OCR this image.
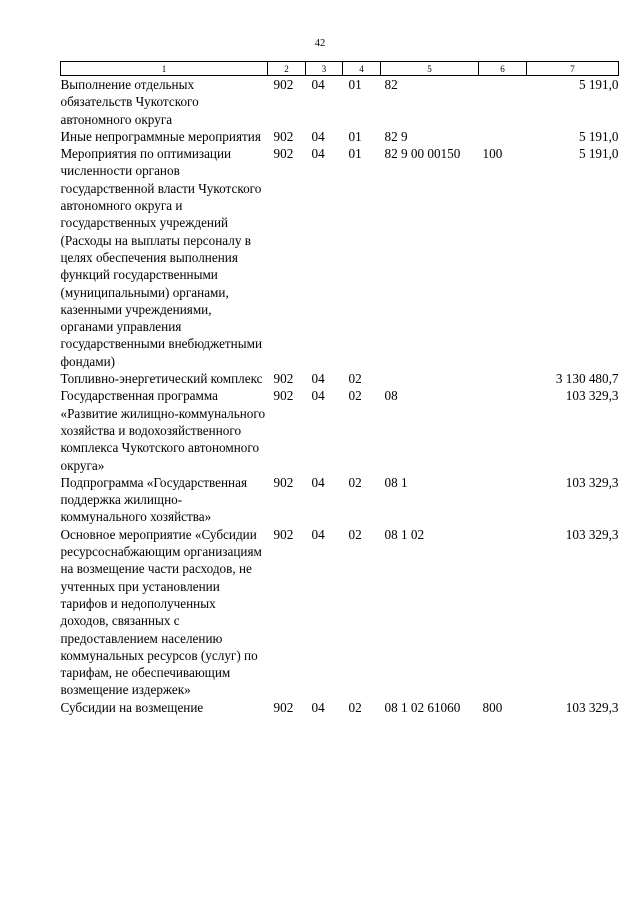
42
1	2	3	4	5	6	7
Выполнение отдельных обязательств Чукотского автономного округа	902	04	01	82		5 191,0
Иные непрограммные мероприятия	902	04	01	82 9		5 191,0
Мероприятия по оптимизации численности органов государственной власти Чукотского автономного округа и государственных учреждений (Расходы на выплаты персоналу в целях обеспечения выполнения функций государственными (муниципальными) органами, казенными учреждениями, органами управления государственными внебюджетными фондами)	902	04	01	82 9 00 00150	100	5 191,0
Топливно-энергетический комплекс	902	04	02			3 130 480,7
Государственная программа «Развитие жилищно-коммунального хозяйства и водохозяйственного комплекса Чукотского автономного округа»	902	04	02	08		103 329,3
Подпрограмма «Государственная поддержка жилищно-коммунального хозяйства»	902	04	02	08 1		103 329,3
Основное мероприятие «Субсидии ресурсоснабжающим организациям на возмещение части расходов, не учтенных при установлении тарифов и недополученных доходов, связанных с предоставлением населению коммунальных ресурсов (услуг) по тарифам, не обеспечивающим возмещение издержек»	902	04	02	08 1 02		103 329,3
Субсидии на возмещение	902	04	02	08 1 02 61060	800	103 329,3
